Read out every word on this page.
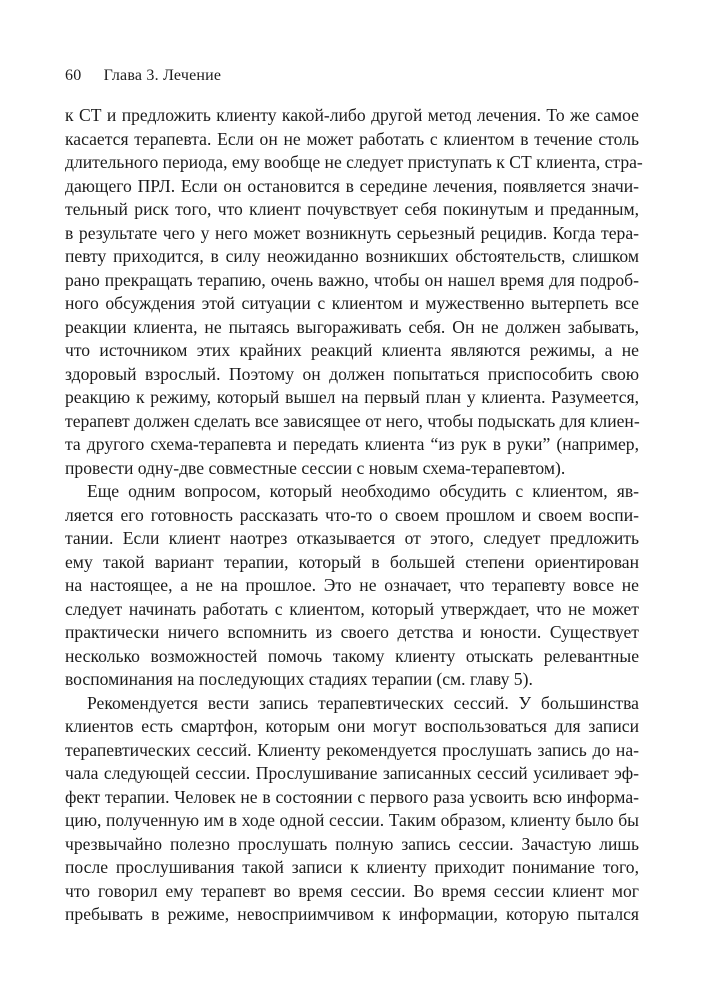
60 Глава 3. Лечение
к СТ и предложить клиенту какой-либо другой метод лечения. То же самое
касается терапевта. Если он не может работать с клиентом в течение столь
длительного периода, ему вообще не следует приступать к СТ клиента, стра-
дающего ПРЛ. Если он остановится в середине лечения, появляется значи-
тельный риск того, что клиент почувствует себя покинутым и преданным,
в результате чего у него может возникнуть серьезный рецидив. Когда тера-
певту приходится, в силу неожиданно возникших обстоятельств, слишком
рано прекращать терапию, очень важно, чтобы он нашел время для подроб-
ного обсуждения этой ситуации с клиентом и мужественно вытерпеть все
реакции клиента, не пытаясь выгораживать себя. Он не должен забывать,
что источником этих крайних реакций клиента являются режимы, а не
здоровый взрослый. Поэтому он должен попытаться приспособить свою
реакцию к режиму, который вышел на первый план у клиента. Разумеется,
терапевт должен сделать все зависящее от него, чтобы подыскать для клиен-
та другого схема-терапевта и передать клиента “из рук в руки” (например,
провести одну-две совместные сессии с новым схема-терапевтом).
Еще одним вопросом, который необходимо обсудить с клиентом, яв-
ляется его готовность рассказать что-то о своем прошлом и своем воспи-
тании. Если клиент наотрез отказывается от этого, следует предложить
ему такой вариант терапии, который в большей степени ориентирован
на настоящее, а не на прошлое. Это не означает, что терапевту вовсе не
следует начинать работать с клиентом, который утверждает, что не может
практически ничего вспомнить из своего детства и юности. Существует
несколько возможностей помочь такому клиенту отыскать релевантные
воспоминания на последующих стадиях терапии (см. главу 5).
Рекомендуется вести запись терапевтических сессий. У большинства
клиентов есть смартфон, которым они могут воспользоваться для записи
терапевтических сессий. Клиенту рекомендуется прослушать запись до на-
чала следующей сессии. Прослушивание записанных сессий усиливает эф-
фект терапии. Человек не в состоянии с первого раза усвоить всю информа-
цию, полученную им в ходе одной сессии. Таким образом, клиенту было бы
чрезвычайно полезно прослушать полную запись сессии. Зачастую лишь
после прослушивания такой записи к клиенту приходит понимание того,
что говорил ему терапевт во время сессии. Во время сессии клиент мог
пребывать в режиме, невосприимчивом к информации, которую пытался
